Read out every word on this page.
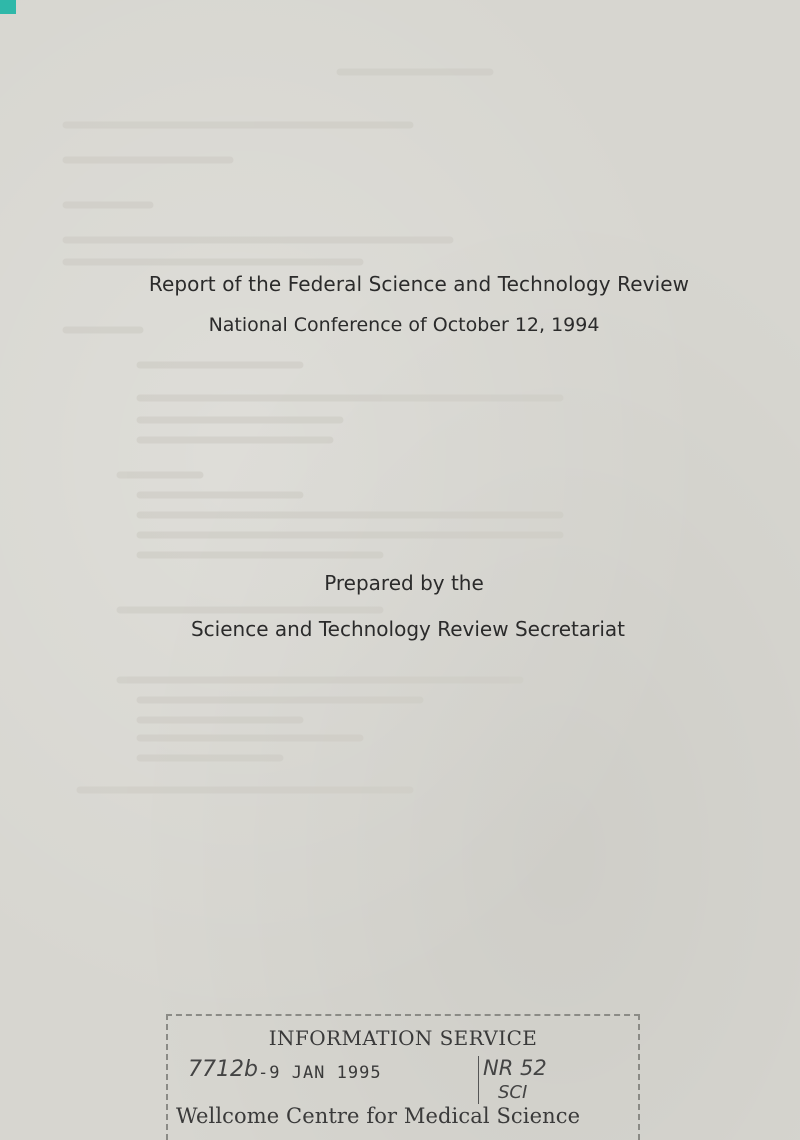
Report of the Federal Science and Technology Review
National Conference of October 12, 1994

Prepared by the

Science and Technology Review Secretariat

INFORMATION SERVICE
7712b -9 JAN 1995	NR 52
SCI
Wellcome Centre for Medical Science
